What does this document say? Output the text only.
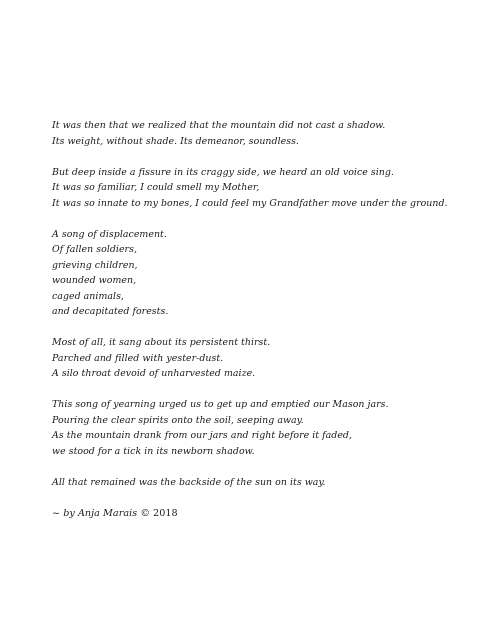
It was then that we realized that the mountain did not cast a shadow.
Its weight, without shade. Its demeanor, soundless.
But deep inside a fissure in its craggy side, we heard an old voice sing.
It was so familiar, I could smell my Mother,
It was so innate to my bones, I could feel my Grandfather move under the ground.
A song of displacement.
Of fallen soldiers,
grieving children,
wounded women,
caged animals,
and decapitated forests.
Most of all, it sang about its persistent thirst.
Parched and filled with yester-dust.
A silo throat devoid of unharvested maize.
This song of yearning urged us to get up and emptied our Mason jars.
Pouring the clear spirits onto the soil, seeping away.
As the mountain drank from our jars and right before it faded,
we stood for a tick in its newborn shadow.
All that remained was the backside of the sun on its way.
~ by Anja Marais © 2018
